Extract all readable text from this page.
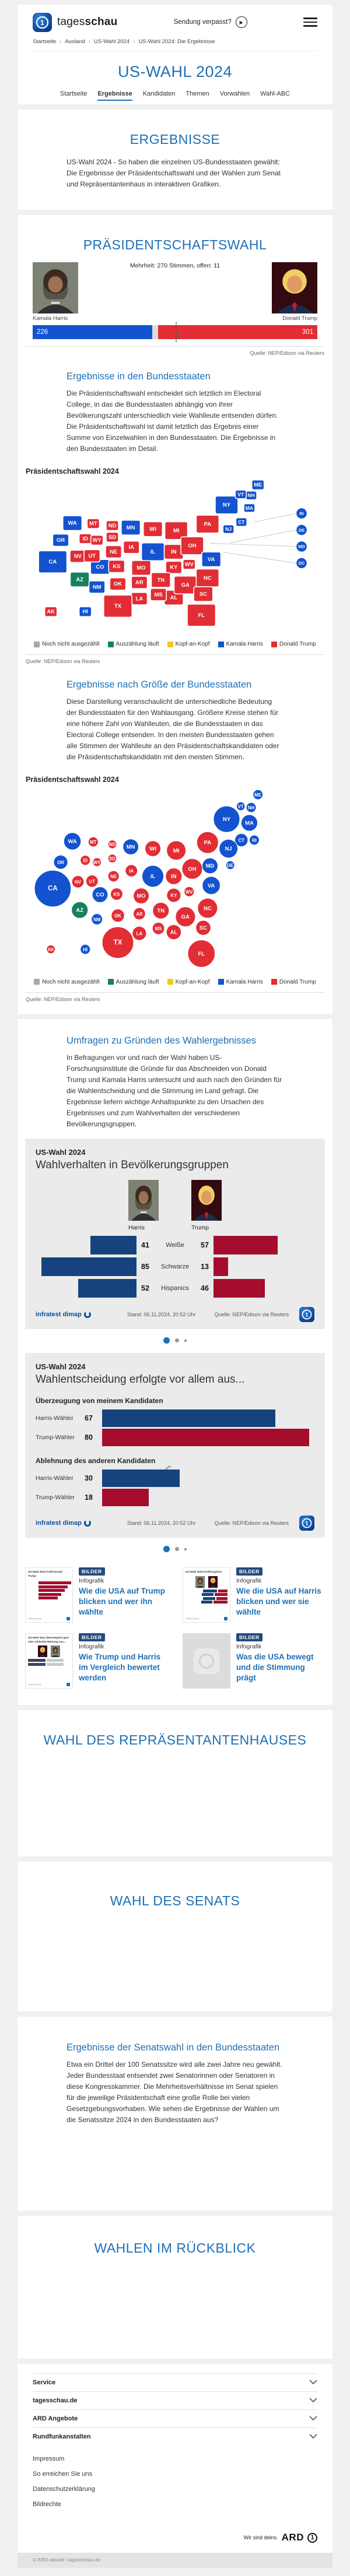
1 tagesschau	Sendung verpasst?	▶
Startseite › Ausland › US-Wahl 2024 › US-Wahl 2024: Die Ergebnisse
US-WAHL 2024
Startseite Ergebnisse Kandidaten Themen Vorwahlen Wahl-ABC
ERGEBNISSE

US-Wahl 2024 - So haben die einzelnen US-Bundesstaaten gewählt: Die Ergebnisse der Präsidentschaftswahl und der Wahlen zum Senat und Repräsentantenhaus in interaktiven Grafiken.

PRÄSIDENTSCHAFTSWAHL
Mehrheit: 270 Stimmen, offen: 11
Kamala Harris	Donald Trump
226	301
Quelle: NEP/Edison via Reuters
Ergebnisse in den Bundesstaaten

Die Präsidentschaftswahl entscheidet sich letztlich im Electoral College, in das die Bundesstaaten abhängig von ihrer Bevölkerungszahl unterschiedlich viele Wahlleute entsenden dürfen. Die Präsidentschaftswahl ist damit letztlich das Ergebnis einer Summe von Einzelwahlen in den Bundesstaaten. Die Ergebnisse in den Bundesstaaten im Detail.

Präsidentschaftswahl 2024
AL
AK
AZ	AR
CA
CO
CT
DE
DC
FL
GA
HI
ID
IL	IN
IA
KS	KY
LA
ME
MD
MA
MI
MN
MS
MO
MT
NE
NV
NH
NJ
NM
NY
NC
ND
OH
OK
OR
PA
RI
SC
SD
TN
TX
UT
VT
VA
WA
WV
WI
WY
Noch nicht ausgezählt	Auszählung läuft	Kopf-an-Kopf	Kamala Harris	Donald Trump
Quelle: NEP/Edison via Reuters
Ergebnisse nach Größe der Bundesstaaten

Diese Darstellung veranschaulicht die unterschiedliche Bedeutung der Bundesstaaten für den Wahlausgang. Größere Kreise stehen für eine höhere Zahl von Wahlleuten, die die Bundesstaaten in das Electoral College entsenden. In den meisten Bundesstaaten gehen alle Stimmen der Wahlleute an den Präsidentschaftskandidaten oder die Präsidentschaftskandidatin mit den meisten Stimmen.

Präsidentschaftswahl 2024
AL
AK
AZ
AR
CA
CO
CT
DE
FL
GA
HI
ID
IL	IN
IA
KS	KY
LA
ME
MD
MA
MI
MN
MS
MO
MT
NE
NV
NH
NJ
NM
NY
NC
ND
OH
OK
OR
PA	RI
SC
SD
TN
TX
UT
VT
VA
WA
WV
WI
WY
Noch nicht ausgezählt	Auszählung läuft	Kopf-an-Kopf	Kamala Harris	Donald Trump
Quelle: NEP/Edison via Reuters
Umfragen zu Gründen des Wahlergebnisses

In Befragungen vor und nach der Wahl haben US-Forschungsinstitute die Gründe für das Abschneiden von Donald Trump und Kamala Harris untersucht und auch nach den Gründen für die Wahlentscheidung und die Stimmung im Land gefragt. Die Ergebnisse liefern wichtige Anhaltspunkte zu den Ursachen des Ergebnisses und zum Wahlverhalten der verschiedenen Bevölkerungsgruppen.

US-Wahl 2024
Wahlverhalten in Bevölkerungsgruppen
Harris	Trump
41	Weiße	57
85	Schwarze	13
52	Hispanics	46
infratest dimap	Stand: 06.11.2024, 20:52 Uhr	Quelle: NEP/Edison via Reuters	1
US-Wahl 2024
Wahlentscheidung erfolgte vor allem aus...
Überzeugung von meinem Kandidaten
Harris-Wähler	67
Trump-Wähler	80
Ablehnung des anderen Kandidaten
Harris-Wähler	30
Trump-Wähler	18
infratest dimap	Stand: 06.11.2024, 20:52 Uhr	Quelle: NEP/Edison via Reuters	1
US-Wahl 2024 Profil Donald Trump
infratest dimap
BILDER
Infografik
Wie die USA auf Trump blicken und wer ihn wählte
US-Wahl 2024 Profilvergleich
infratest dimap
BILDER
Infografik
Wie die USA auf Harris blicken und wer sie wählte
US-Wahl 2024 Überwiegend gute oder schlechte Meinung von...
infratest dimap
BILDER
Infografik
Wie Trump und Harris im Vergleich bewertet werden
BILDER
Infografik
Was die USA bewegt und die Stimmung prägt
WAHL DES REPRÄSENTANTENHAUSES
WAHL DES SENATS
Ergebnisse der Senatswahl in den Bundesstaaten

Etwa ein Drittel der 100 Senatssitze wird alle zwei Jahre neu gewählt. Jeder Bundesstaat entsendet zwei Senatorinnen oder Senatoren in diese Kongresskammer. Die Mehrheitsverhältnisse im Senat spielen für die jeweilige Präsidentschaft eine große Rolle bei vielen Gesetzgebungsvorhaben. Wie sehen die Ergebnisse der Wahlen um die Senatssitze 2024 in den Bundesstaaten aus?

WAHLEN IM RÜCKBLICK
Service
tagesschau.de
ARD Angebote
Rundfunkanstalten
Impressum
So erreichen Sie uns
Datenschutzerklärung
Bildrechte
Wir sind deins. ARD	1
© ARD-aktuell / tagesschau.de
